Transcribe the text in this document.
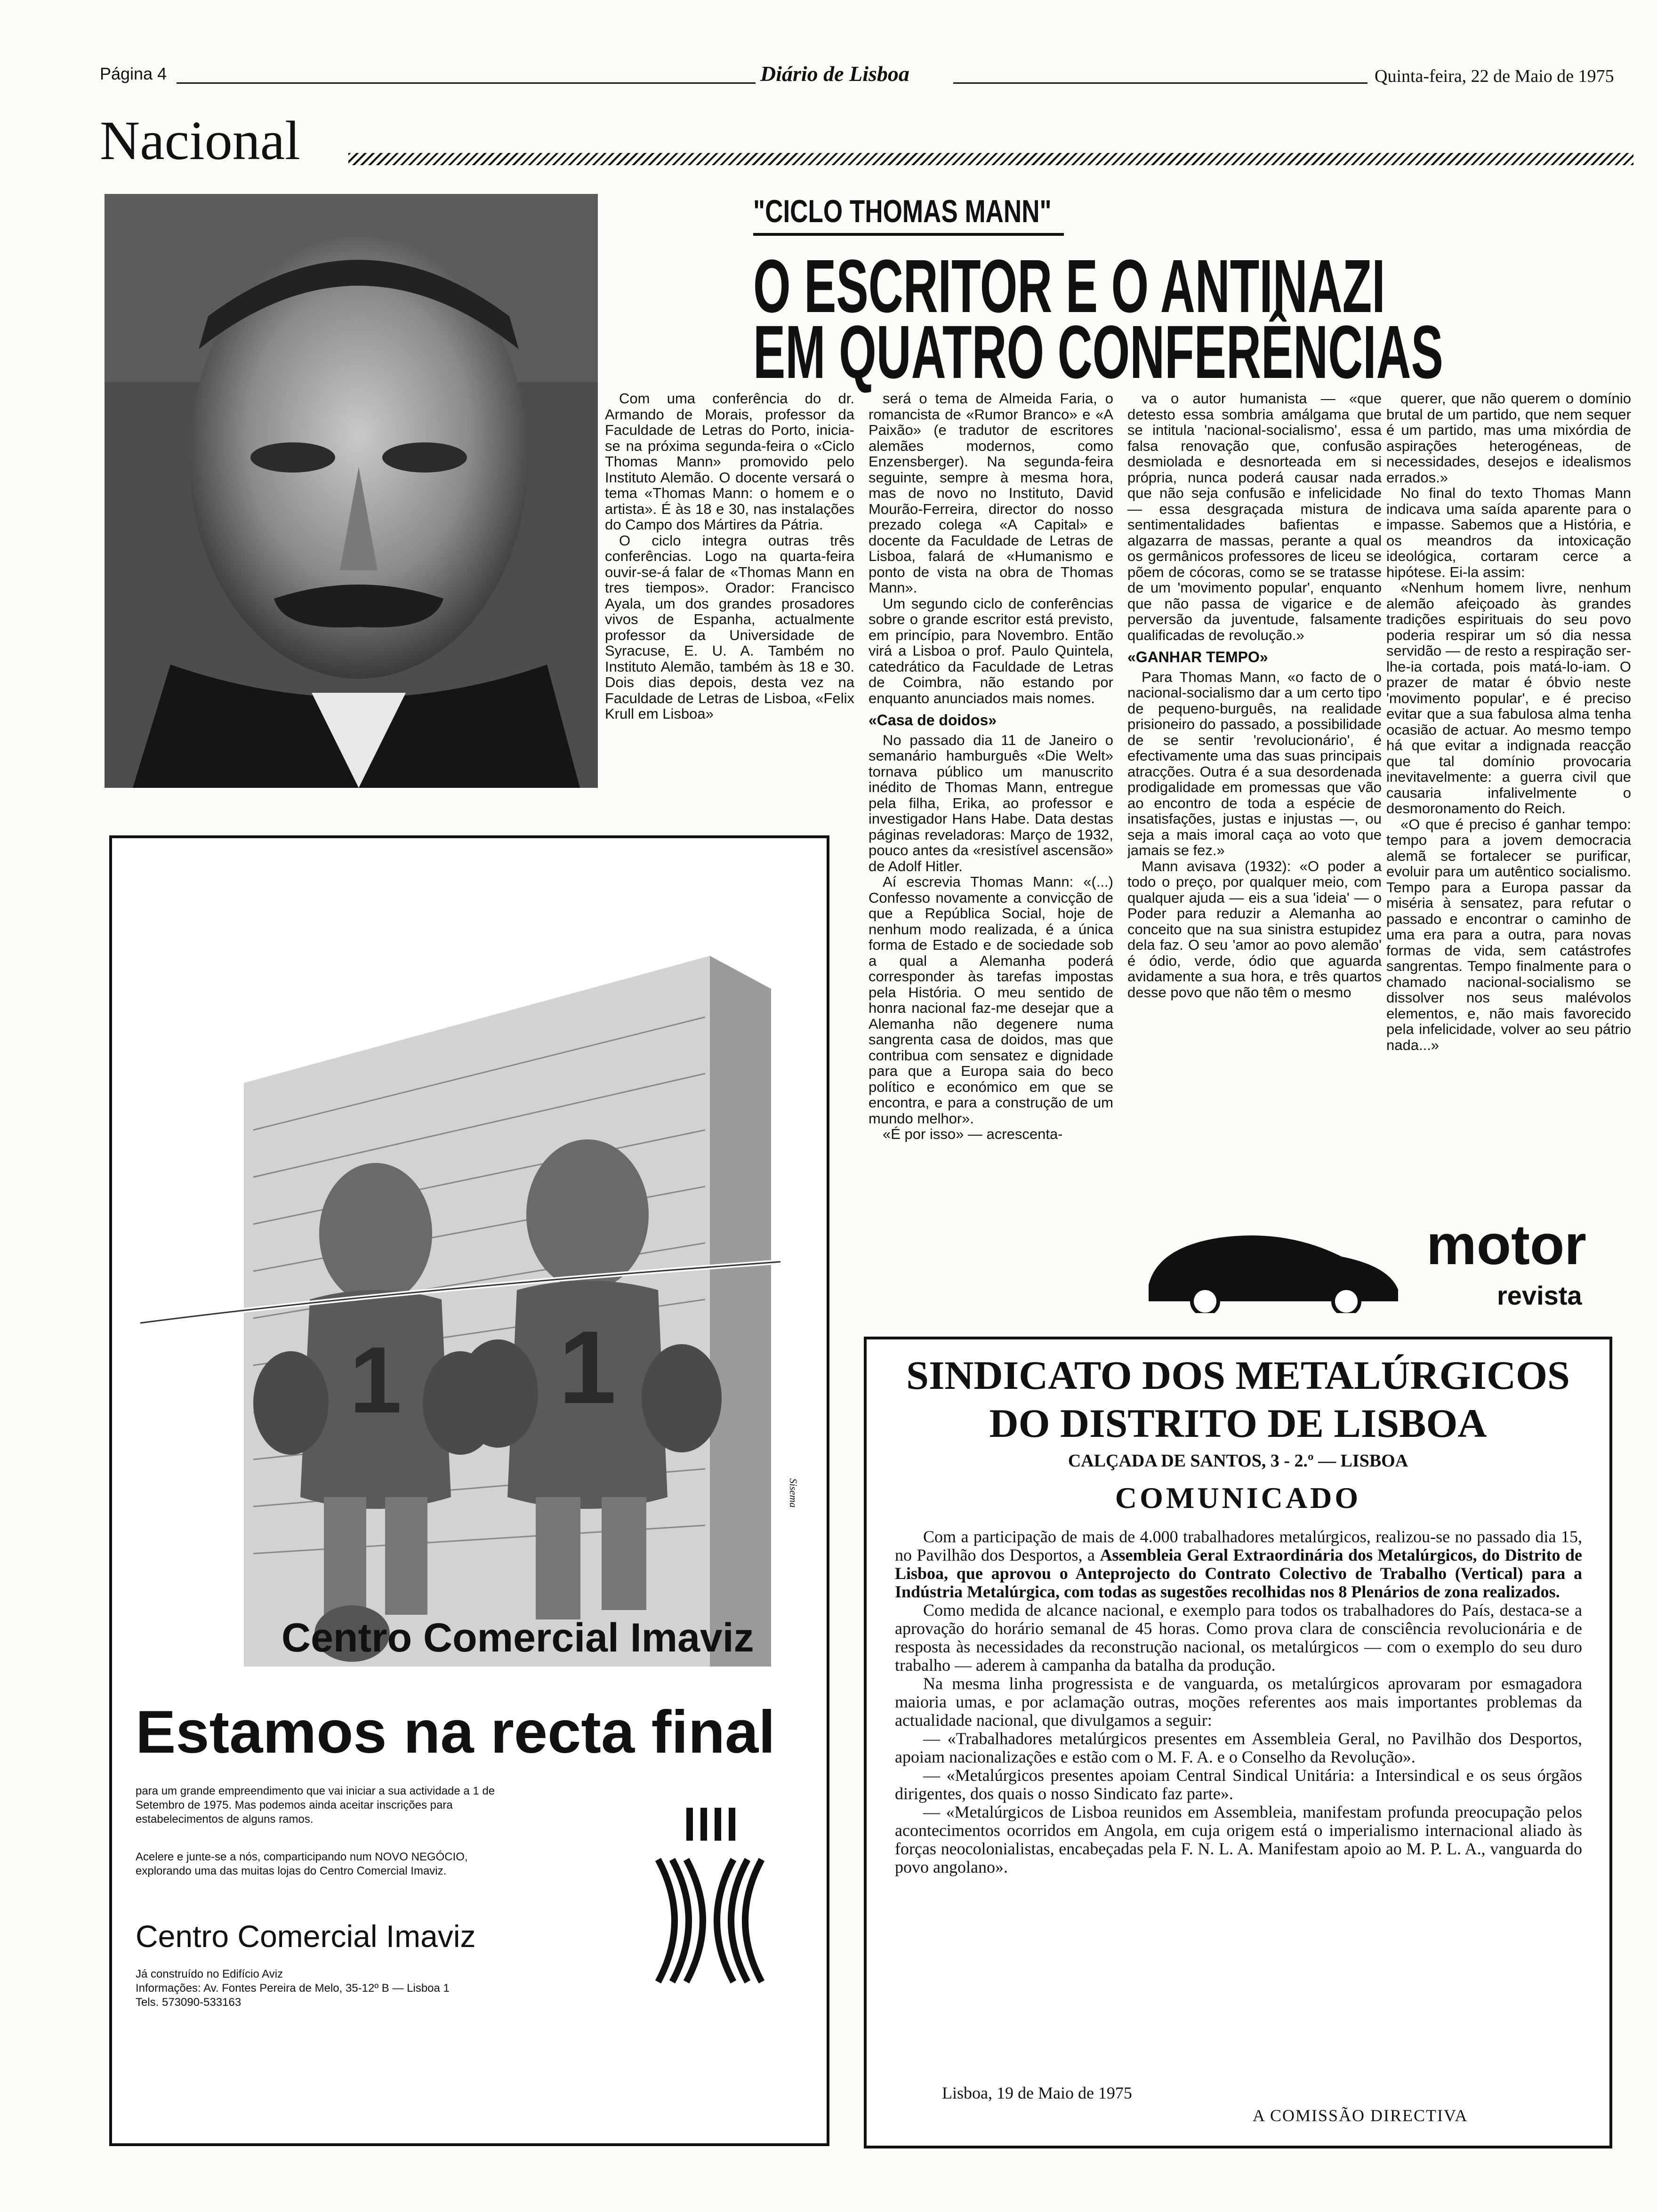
Página 4	Diário de Lisboa	Quinta-feira, 22 de Maio de 1975
Nacional
"CICLO THOMAS MANN"
O ESCRITOR E O ANTINAZI
EM QUATRO CONFERÊNCIAS

Com uma conferência do dr. Armando de Morais, professor da Faculdade de Letras do Porto, inicia-se na próxima segunda-feira o «Ciclo Thomas Mann» promovido pelo Instituto Alemão. O docente versará o tema «Thomas Mann: o homem e o artista». É às 18 e 30, nas instalações do Campo dos Mártires da Pátria.

O ciclo integra outras três conferências. Logo na quarta-feira ouvir-se-á falar de «Thomas Mann en tres tiempos». Orador: Francisco Ayala, um dos grandes prosadores vivos de Espanha, actualmente professor da Universidade de Syracuse, E. U. A. Também no Instituto Alemão, também às 18 e 30. Dois dias depois, desta vez na Faculdade de Letras de Lisboa, «Felix Krull em Lisboa»

será o tema de Almeida Faria, o romancista de «Rumor Branco» e «A Paixão» (e tradutor de escritores alemães modernos, como Enzensberger). Na segunda-feira seguinte, sempre à mesma hora, mas de novo no Instituto, David Mourão-Ferreira, director do nosso prezado colega «A Capital» e docente da Faculdade de Letras de Lisboa, falará de «Humanismo e ponto de vista na obra de Thomas Mann».

Um segundo ciclo de conferências sobre o grande escritor está previsto, em princípio, para Novembro. Então virá a Lisboa o prof. Paulo Quintela, catedrático da Faculdade de Letras de Coimbra, não estando por enquanto anunciados mais nomes.

«Casa de doidos»

No passado dia 11 de Janeiro o semanário hamburguês «Die Welt» tornava público um manuscrito inédito de Thomas Mann, entregue pela filha, Erika, ao professor e investigador Hans Habe. Data destas páginas reveladoras: Março de 1932, pouco antes da «resistível ascensão» de Adolf Hitler.

Aí escrevia Thomas Mann: «(...) Confesso novamente a convicção de que a República Social, hoje de nenhum modo realizada, é a única forma de Estado e de sociedade sob a qual a Alemanha poderá corresponder às tarefas impostas pela História. O meu sentido de honra nacional faz-me desejar que a Alemanha não degenere numa sangrenta casa de doidos, mas que contribua com sensatez e dignidade para que a Europa saia do beco político e económico em que se encontra, e para a construção de um mundo melhor».

«É por isso» — acrescenta-

va o autor humanista — «que detesto essa sombria amálgama que se intitula 'nacional-socialismo', essa falsa renovação que, confusão desmiolada e desnorteada em si própria, nunca poderá causar nada que não seja confusão e infelicidade — essa desgraçada mistura de sentimentalidades bafientas e algazarra de massas, perante a qual os germânicos professores de liceu se põem de cócoras, como se se tratasse de um 'movimento popular', enquanto que não passa de vigarice e de perversão da juventude, falsamente qualificadas de revolução.»

«GANHAR TEMPO»

Para Thomas Mann, «o facto de o nacional-socialismo dar a um certo tipo de pequeno-burguês, na realidade prisioneiro do passado, a possibilidade de se sentir 'revolucionário', é efectivamente uma das suas principais atracções. Outra é a sua desordenada prodigalidade em promessas que vão ao encontro de toda a espécie de insatisfações, justas e injustas —, ou seja a mais imoral caça ao voto que jamais se fez.»

Mann avisava (1932): «O poder a todo o preço, por qualquer meio, com qualquer ajuda — eis a sua 'ideia' — o Poder para reduzir a Alemanha ao conceito que na sua sinistra estupidez dela faz. O seu 'amor ao povo alemão' é ódio, verde, ódio que aguarda avidamente a sua hora, e três quartos desse povo que não têm o mesmo

querer, que não querem o domínio brutal de um partido, que nem sequer é um partido, mas uma mixórdia de aspirações heterogéneas, de necessidades, desejos e idealismos errados.»

No final do texto Thomas Mann indicava uma saída aparente para o impasse. Sabemos que a História, e os meandros da intoxicação ideológica, cortaram cerce a hipótese. Ei-la assim:

«Nenhum homem livre, nenhum alemão afeiçoado às grandes tradições espirituais do seu povo poderia respirar um só dia nessa servidão — de resto a respiração ser-lhe-ia cortada, pois matá-lo-iam. O prazer de matar é óbvio neste 'movimento popular', e é preciso evitar que a sua fabulosa alma tenha ocasião de actuar. Ao mesmo tempo há que evitar a indignada reacção que tal domínio provocaria inevitavelmente: a guerra civil que causaria infalivelmente o desmoronamento do Reich.

«O que é preciso é ganhar tempo: tempo para a jovem democracia alemã se fortalecer se purificar, evoluir para um autêntico socialismo. Tempo para a Europa passar da miséria à sensatez, para refutar o passado e encontrar o caminho de uma era para a outra, para novas formas de vida, sem catástrofes sangrentas. Tempo finalmente para o chamado nacional-socialismo se dissolver nos seus malévolos elementos, e, não mais favorecido pela infelicidade, volver ao seu pátrio nada...»

1 1
Centro Comercial Imaviz
Sisema
Estamos na recta final
para um grande empreendimento que vai iniciar a sua actividade a 1 de Setembro de 1975. Mas podemos ainda aceitar inscrições para estabelecimentos de alguns ramos.
Acelere e junte-se a nós, comparticipando num NOVO NEGÓCIO, explorando uma das muitas lojas do Centro Comercial Imaviz.
Centro Comercial Imaviz
Já construído no Edifício Aviz
Informações: Av. Fontes Pereira de Melo, 35-12º B — Lisboa 1
Tels. 573090-533163
motor
revista
SINDICATO DOS METALÚRGICOS
DO DISTRITO DE LISBOA
CALÇADA DE SANTOS, 3 - 2.º — LISBOA
COMUNICADO

Com a participação de mais de 4.000 trabalhadores metalúrgicos, realizou-se no passado dia 15, no Pavilhão dos Desportos, a Assembleia Geral Extraordinária dos Metalúrgicos, do Distrito de Lisboa, que aprovou o Anteprojecto do Contrato Colectivo de Trabalho (Vertical) para a Indústria Metalúrgica, com todas as sugestões recolhidas nos 8 Plenários de zona realizados.

Como medida de alcance nacional, e exemplo para todos os trabalhadores do País, destaca-se a aprovação do horário semanal de 45 horas. Como prova clara de consciência revolucionária e de resposta às necessidades da reconstrução nacional, os metalúrgicos — com o exemplo do seu duro trabalho — aderem à campanha da batalha da produção.

Na mesma linha progressista e de vanguarda, os metalúrgicos aprovaram por esmagadora maioria umas, e por aclamação outras, moções referentes aos mais importantes problemas da actualidade nacional, que divulgamos a seguir:

— «Trabalhadores metalúrgicos presentes em Assembleia Geral, no Pavilhão dos Desportos, apoiam nacionalizações e estão com o M. F. A. e o Conselho da Revolução».

— «Metalúrgicos presentes apoiam Central Sindical Unitária: a Intersindical e os seus órgãos dirigentes, dos quais o nosso Sindicato faz parte».

— «Metalúrgicos de Lisboa reunidos em Assembleia, manifestam profunda preocupação pelos acontecimentos ocorridos em Angola, em cuja origem está o imperialismo internacional aliado às forças neocolonialistas, encabeçadas pela F. N. L. A. Manifestam apoio ao M. P. L. A., vanguarda do povo angolano».

Lisboa, 19 de Maio de 1975
A COMISSÃO DIRECTIVA
